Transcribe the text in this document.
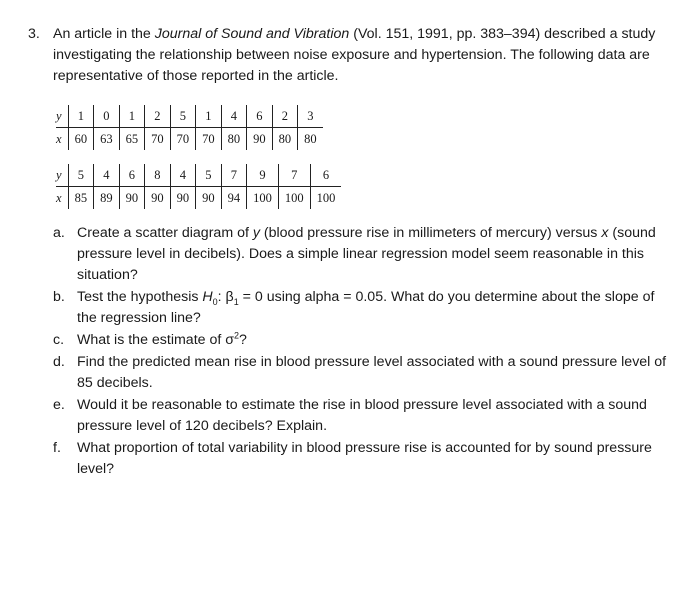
3. An article in the Journal of Sound and Vibration (Vol. 151, 1991, pp. 383–394) described a study investigating the relationship between noise exposure and hypertension. The following data are representative of those reported in the article.
y	1	0	1	2	5	1	4	6	2	3
x	60	63	65	70	70	70	80	90	80	80
y	5	4	6	8	4	5	7	9	7	6
x	85	89	90	90	90	90	94	100	100	100
a. Create a scatter diagram of y (blood pressure rise in millimeters of mercury) versus x (sound pressure level in decibels). Does a simple linear regression model seem reasonable in this situation?
b. Test the hypothesis $H_0$: $\beta_1 = 0$ using alpha = 0.05. What do you determine about the slope of the regression line?
c. What is the estimate of $\sigma^2$?
d. Find the predicted mean rise in blood pressure level associated with a sound pressure level of 85 decibels.
e. Would it be reasonable to estimate the rise in blood pressure level associated with a sound pressure level of 120 decibels? Explain.
f. What proportion of total variability in blood pressure rise is accounted for by sound pressure level?
